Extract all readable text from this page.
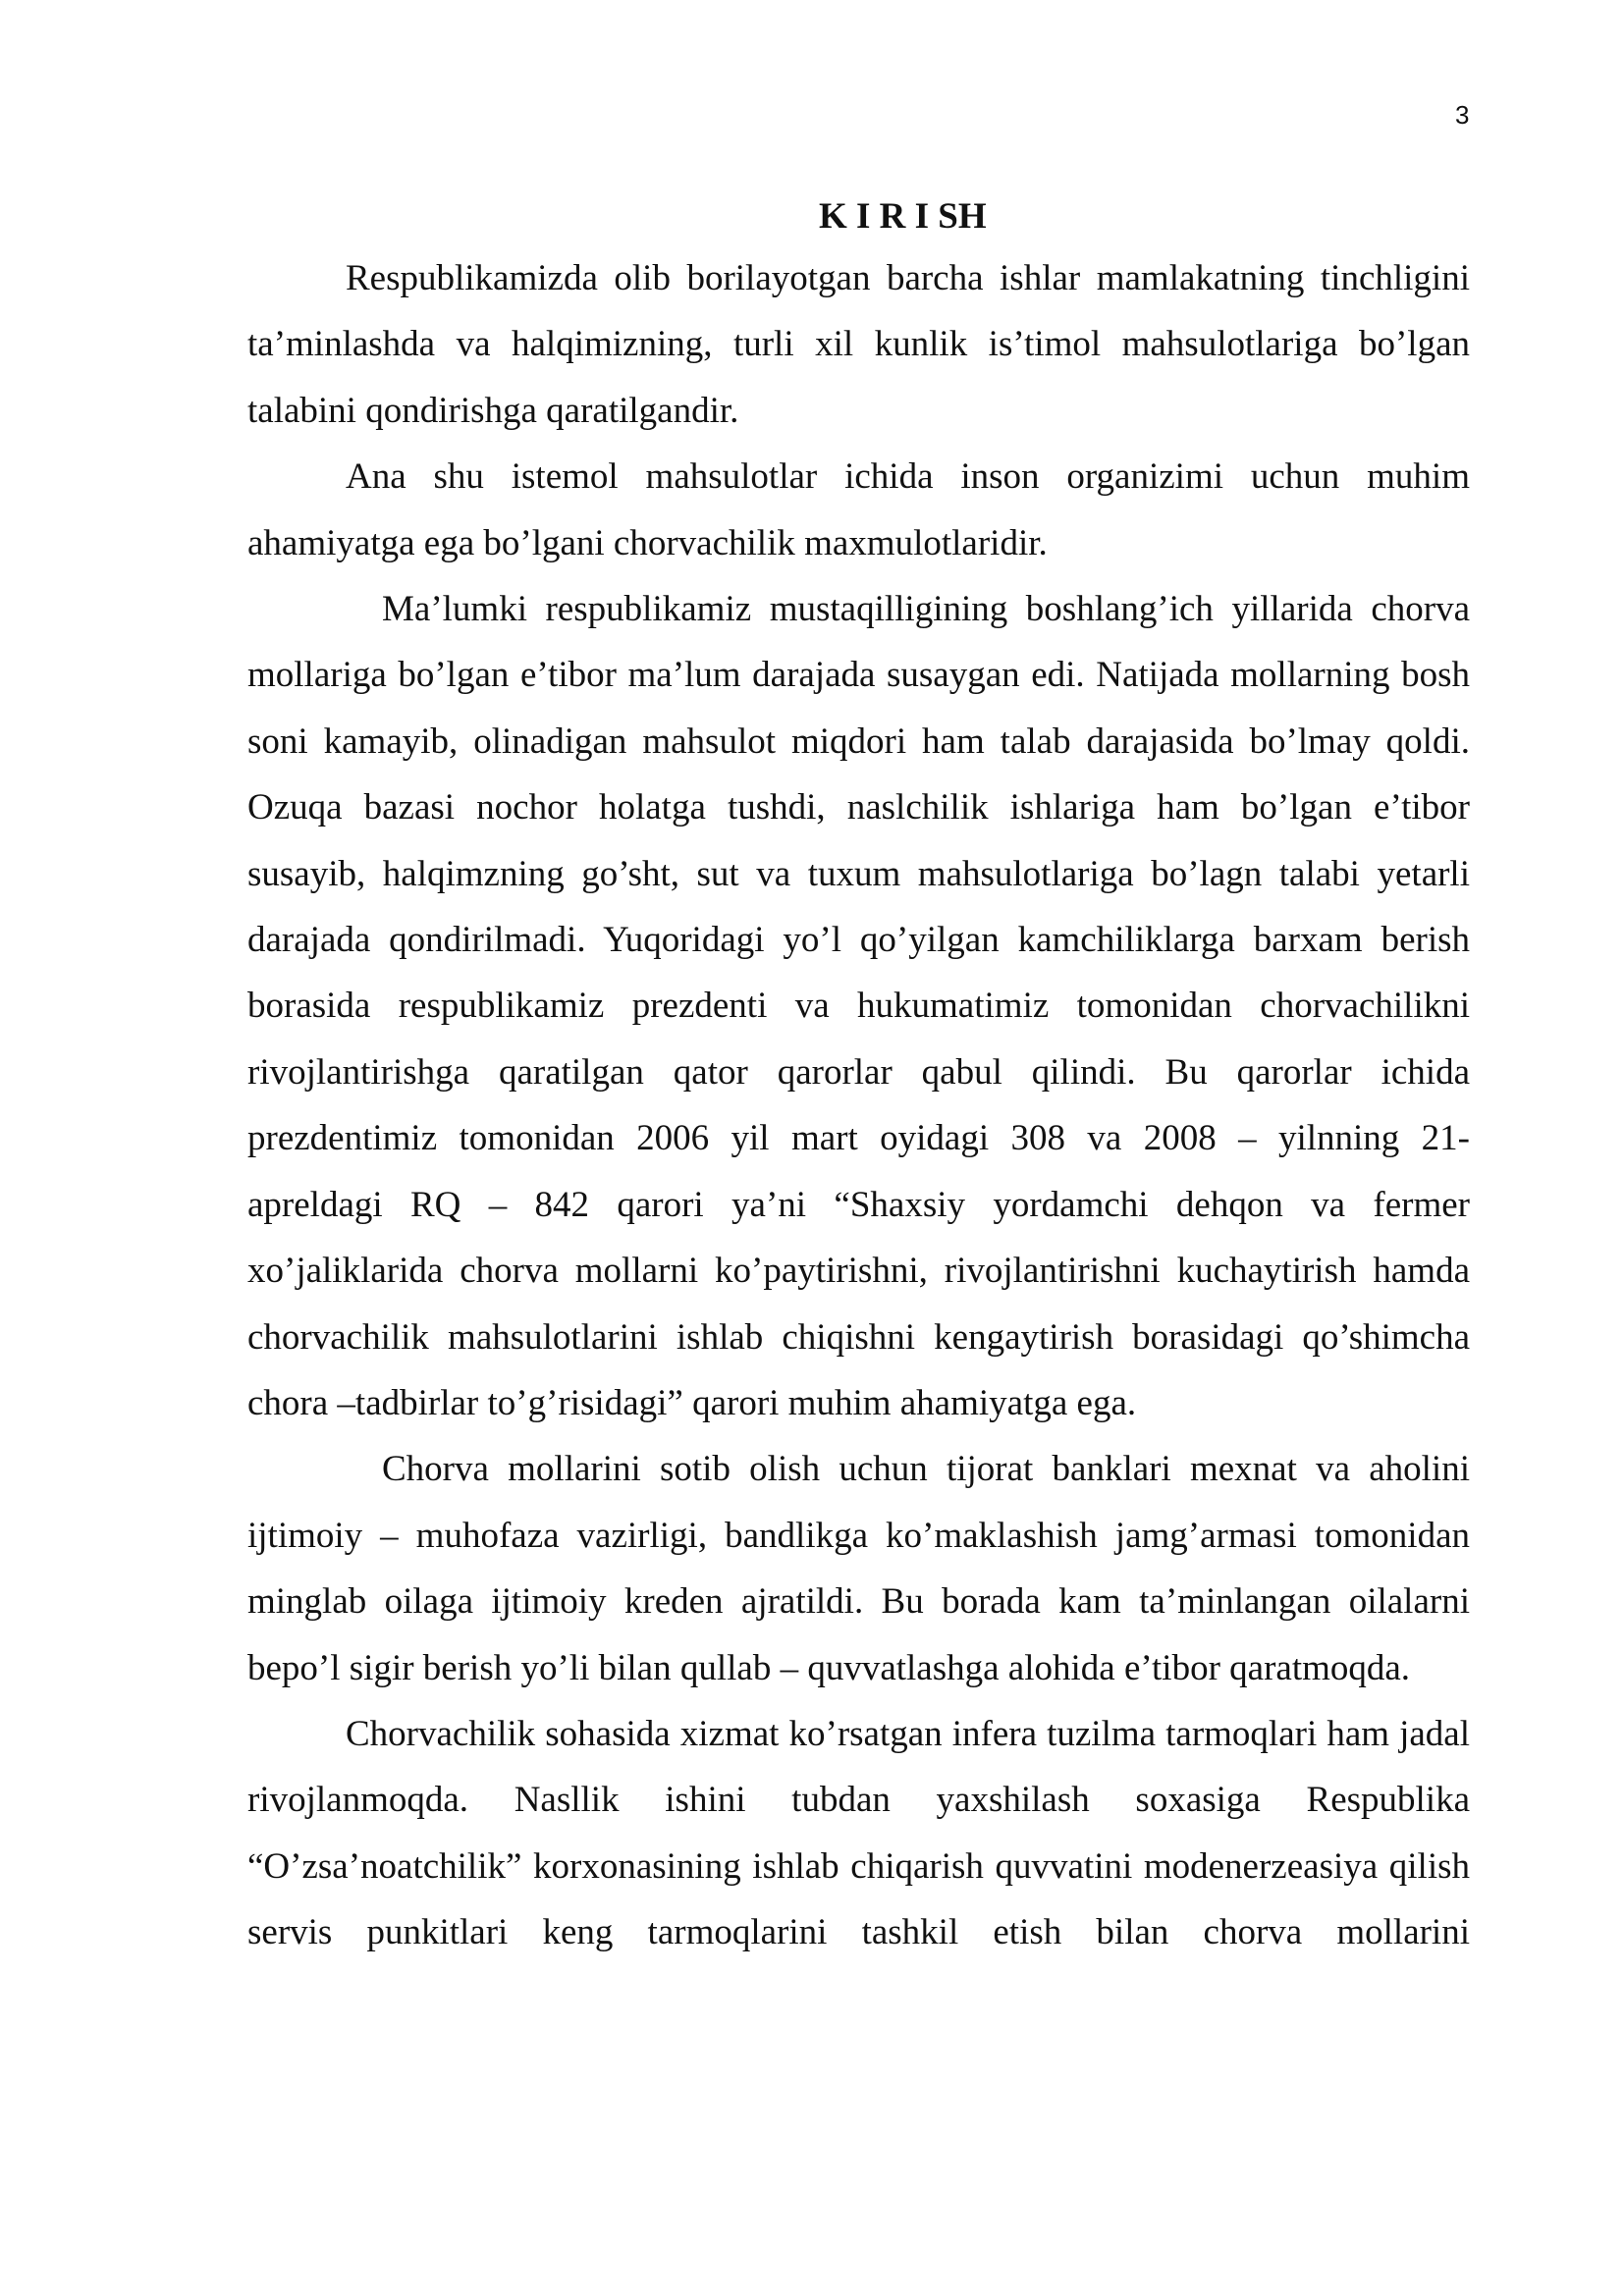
3
K I R I SH

Respublikamizda olib borilayotgan barcha ishlar mamlakatning tinchligini ta’minlashda va halqimizning, turli xil kunlik is’timol mahsulotlariga bo’lgan talabini qondirishga qaratilgandir.

Ana shu istemol mahsulotlar ichida inson organizimi uchun muhim ahamiyatga ega bo’lgani chorvachilik maxmulotlaridir.

Ma’lumki respublikamiz mustaqilligining boshlang’ich yillarida chorva mollariga bo’lgan e’tibor ma’lum darajada susaygan edi. Natijada mollarning bosh soni kamayib, olinadigan mahsulot miqdori ham talab darajasida bo’lmay qoldi. Ozuqa bazasi nochor holatga tushdi, naslchilik ishlariga ham bo’lgan e’tibor susayib, halqimzning go’sht, sut va tuxum mahsulotlariga bo’lagn talabi yetarli darajada qondirilmadi. Yuqoridagi yo’l qo’yilgan kamchiliklarga barxam berish borasida respublikamiz prezdenti va hukumatimiz tomonidan chorvachilikni rivojlantirishga qaratilgan qator qarorlar qabul qilindi. Bu qarorlar ichida prezdentimiz tomonidan 2006 yil mart oyidagi 308 va 2008 – yilnning 21- apreldagi RQ – 842 qarori ya’ni “Shaxsiy yordamchi dehqon va fermer xo’jaliklarida chorva mollarni ko’paytirishni, rivojlantirishni kuchaytirish hamda chorvachilik mahsulotlarini ishlab chiqishni kengaytirish borasidagi qo’shimcha chora –tadbirlar to’g’risidagi” qarori muhim ahamiyatga ega.

Chorva mollarini sotib olish uchun tijorat banklari mexnat va aholini ijtimoiy – muhofaza vazirligi, bandlikga ko’maklashish jamg’armasi tomonidan minglab oilaga ijtimoiy kreden ajratildi. Bu borada kam ta’minlangan oilalarni bepo’l sigir berish yo’li bilan qullab – quvvatlashga alohida e’tibor qaratmoqda.

Chorvachilik sohasida xizmat ko’rsatgan infera tuzilma tarmoqlari ham jadal rivojlanmoqda. Nasllik ishini tubdan yaxshilash soxasiga Respublika “O’zsa’noatchilik” korxonasining ishlab chiqarish quvvatini modenerzeasiya qilish servis punkitlari keng tarmoqlarini tashkil etish bilan chorva mollarini
